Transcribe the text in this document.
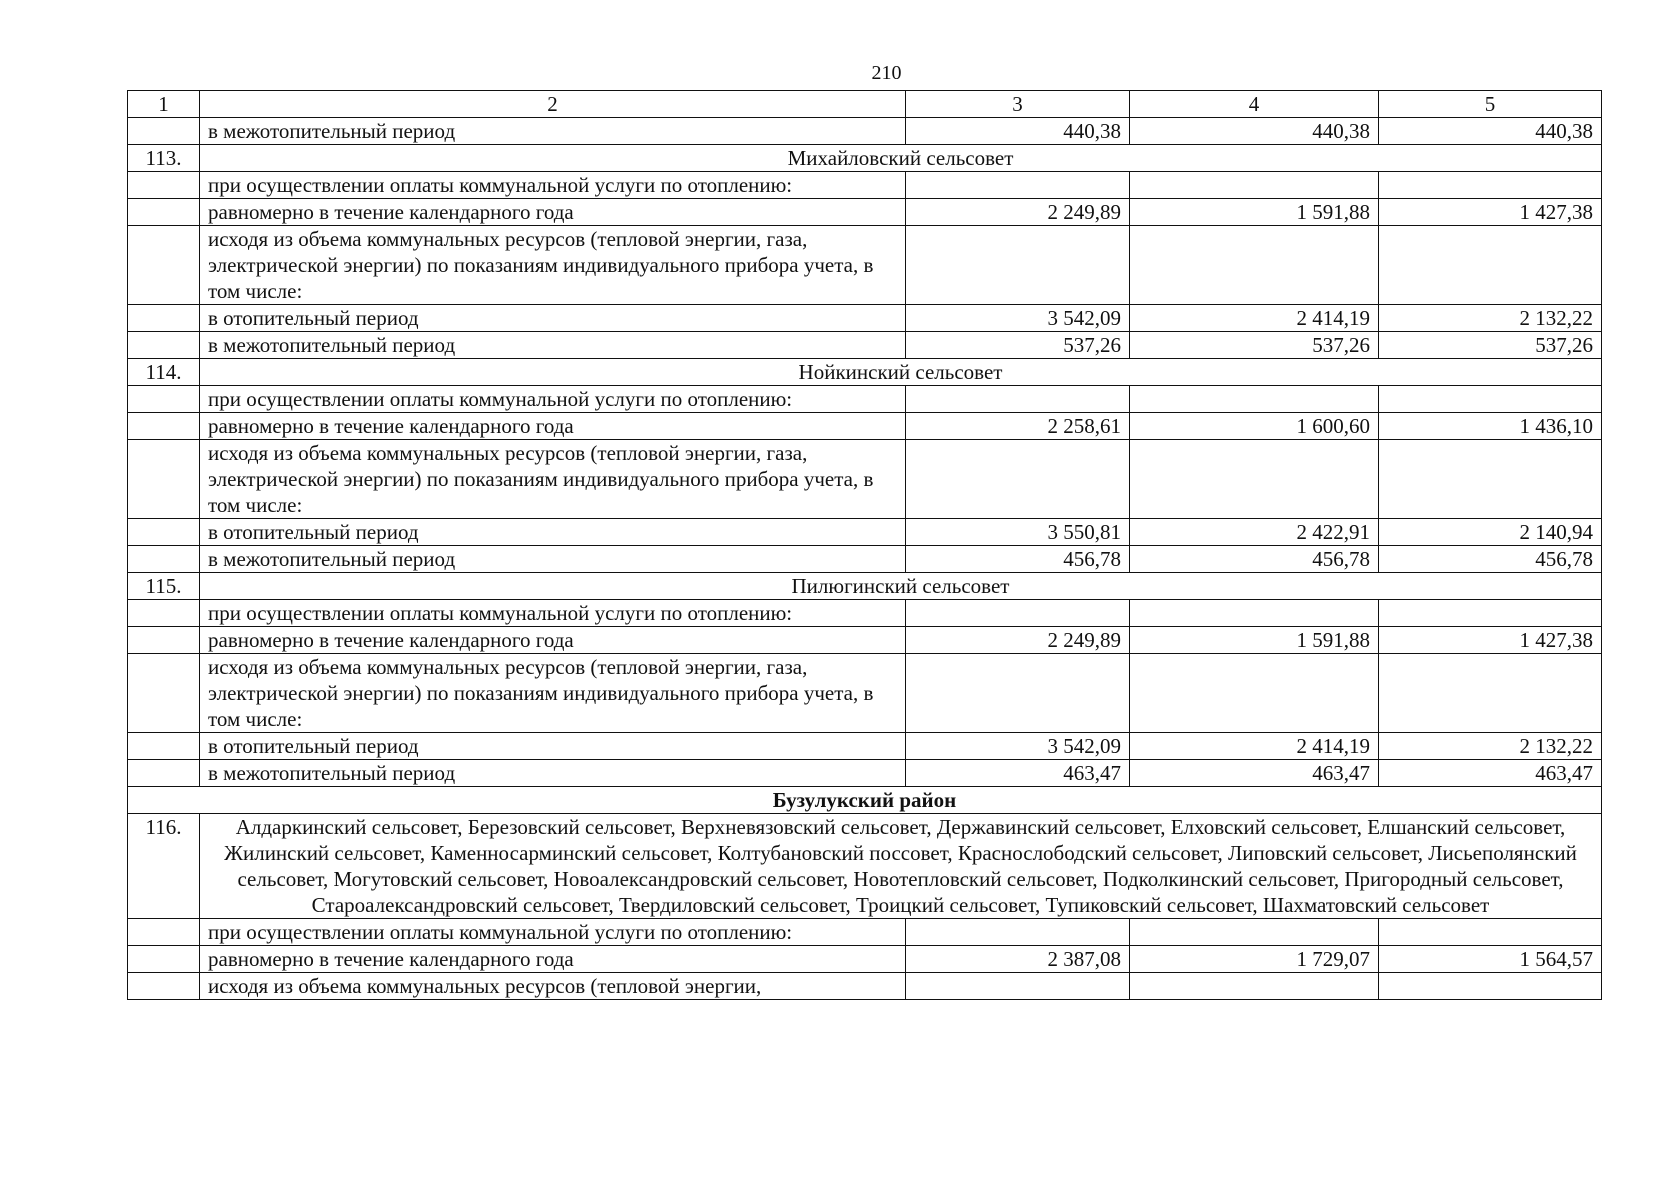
210
1	2	3	4	5
	в межотопительный период	440,38	440,38	440,38
113.	Михайловский сельсовет			
	при осуществлении оплаты коммунальной услуги по отоплению:			
	равномерно в течение календарного года	2 249,89	1 591,88	1 427,38
	исходя из объема коммунальных ресурсов (тепловой энергии, газа, электрической энергии) по показаниям индивидуального прибора учета, в том числе:			
	в отопительный период	3 542,09	2 414,19	2 132,22
	в межотопительный период	537,26	537,26	537,26
114.	Нойкинский сельсовет			
	при осуществлении оплаты коммунальной услуги по отоплению:			
	равномерно в течение календарного года	2 258,61	1 600,60	1 436,10
	исходя из объема коммунальных ресурсов (тепловой энергии, газа, электрической энергии) по показаниям индивидуального прибора учета, в том числе:			
	в отопительный период	3 550,81	2 422,91	2 140,94
	в межотопительный период	456,78	456,78	456,78
115.	Пилюгинский сельсовет			
	при осуществлении оплаты коммунальной услуги по отоплению:			
	равномерно в течение календарного года	2 249,89	1 591,88	1 427,38
	исходя из объема коммунальных ресурсов (тепловой энергии, газа, электрической энергии) по показаниям индивидуального прибора учета, в том числе:			
	в отопительный период	3 542,09	2 414,19	2 132,22
	в межотопительный период	463,47	463,47	463,47
Бузулукский район				
116.	Алдаркинский сельсовет, Березовский сельсовет, Верхневязовский сельсовет, Державинский сельсовет, Елховский сельсовет, Елшанский сельсовет, Жилинский сельсовет, Каменносарминский сельсовет, Колтубановский поссовет, Краснослободский сельсовет, Липовский сельсовет, Лисьеполянский сельсовет, Могутовский сельсовет, Новоалександровский сельсовет, Новотепловский сельсовет, Подколкинский сельсовет, Пригородный сельсовет, Староалександровский сельсовет, Твердиловский сельсовет, Троицкий сельсовет, Тупиковский сельсовет, Шахматовский сельсовет			
	при осуществлении оплаты коммунальной услуги по отоплению:			
	равномерно в течение календарного года	2 387,08	1 729,07	1 564,57
	исходя из объема коммунальных ресурсов (тепловой энергии,			
